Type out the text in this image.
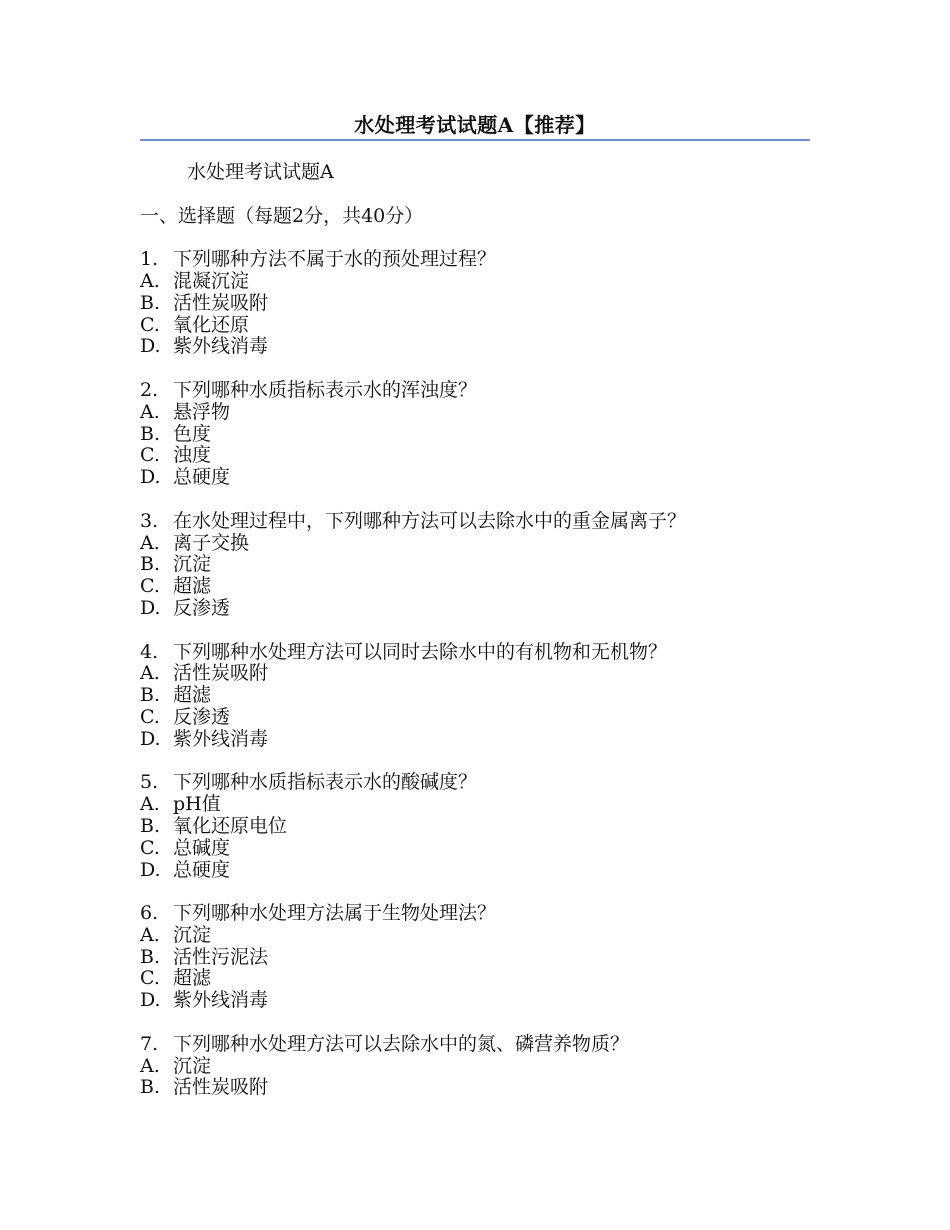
水处理考试试题A【推荐】
水处理考试试题A
一、选择题（每题2分，共40分）
1. 下列哪种方法不属于水的预处理过程？
A. 混凝沉淀
B. 活性炭吸附
C. 氧化还原
D. 紫外线消毒
2. 下列哪种水质指标表示水的浑浊度？
A. 悬浮物
B. 色度
C. 浊度
D. 总硬度
3. 在水处理过程中，下列哪种方法可以去除水中的重金属离子？
A. 离子交换
B. 沉淀
C. 超滤
D. 反渗透
4. 下列哪种水处理方法可以同时去除水中的有机物和无机物？
A. 活性炭吸附
B. 超滤
C. 反渗透
D. 紫外线消毒
5. 下列哪种水质指标表示水的酸碱度？
A. pH值
B. 氧化还原电位
C. 总碱度
D. 总硬度
6. 下列哪种水处理方法属于生物处理法？
A. 沉淀
B. 活性污泥法
C. 超滤
D. 紫外线消毒
7. 下列哪种水处理方法可以去除水中的氮、磷营养物质？
A. 沉淀
B. 活性炭吸附
